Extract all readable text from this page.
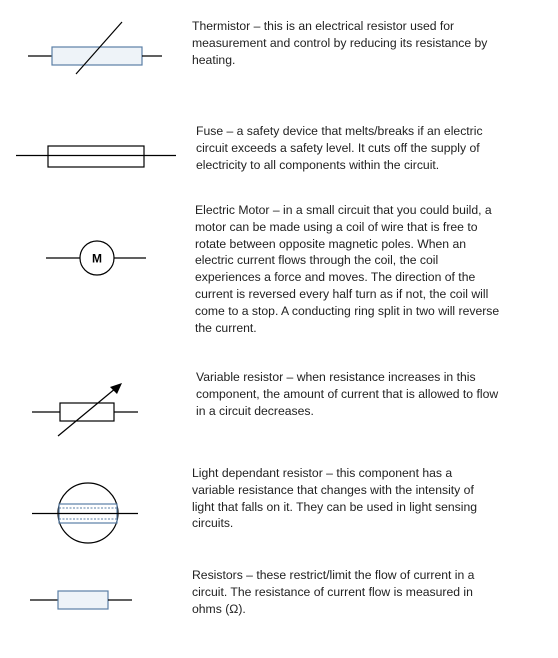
Thermistor – this is an electrical resistor used for measurement and control by reducing its resistance by heating.

Fuse – a safety device that melts/breaks if an electric circuit exceeds a safety level. It cuts off the supply of electricity to all components within the circuit.

M

Electric Motor – in a small circuit that you could build, a motor can be made using a coil of wire that is free to rotate between opposite magnetic poles. When an electric current flows through the coil, the coil experiences a force and moves. The direction of the current is reversed every half turn as if not, the coil will come to a stop. A conducting ring split in two will reverse the current.

Variable resistor – when resistance increases in this component, the amount of current that is allowed to flow in a circuit decreases.

Light dependant resistor – this component has a variable resistance that changes with the intensity of light that falls on it. They can be used in light sensing circuits.

Resistors – these restrict/limit the flow of current in a circuit. The resistance of current flow is measured in ohms (Ω).
